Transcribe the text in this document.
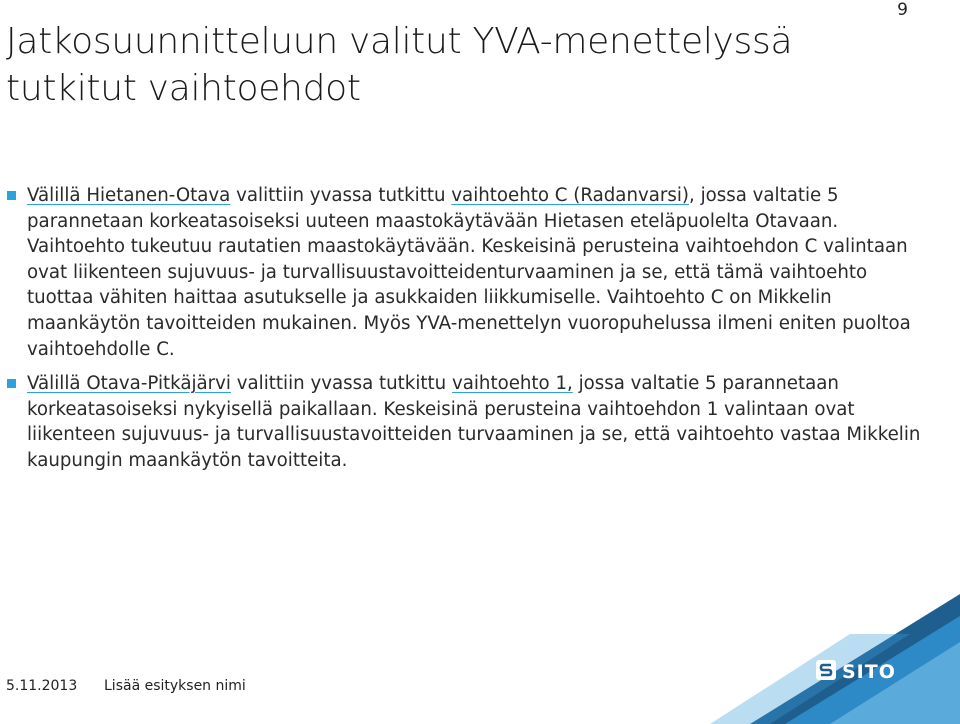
9
Jatkosuunnitteluun valitut YVA-menettelyssä tutkitut vaihtoehdot
Välillä Hietanen-Otava valittiin yvassa tutkittu vaihtoehto C (Radanvarsi), jossa valtatie 5 parannetaan korkeatasoiseksi uuteen maastokäytävään Hietasen eteläpuolelta Otavaan. Vaihtoehto tukeutuu rautatien maastokäytävään. Keskeisinä perusteina vaihtoehdon C valintaan ovat liikenteen sujuvuus- ja turvallisuustavoitteidenturvaaminen ja se, että tämä vaihtoehto tuottaa vähiten haittaa asutukselle ja asukkaiden liikkumiselle. Vaihtoehto C on Mikkelin maankäytön tavoitteiden mukainen. Myös YVA-menettelyn vuoropuhelussa ilmeni eniten puoltoa vaihtoehdolle C.
Välillä Otava-Pitkäjärvi valittiin yvassa tutkittu vaihtoehto 1, jossa valtatie 5 parannetaan korkeatasoiseksi nykyisellä paikallaan. Keskeisinä perusteina vaihtoehdon 1 valintaan ovat liikenteen sujuvuus- ja turvallisuustavoitteiden turvaaminen ja se, että vaihtoehto vastaa Mikkelin kaupungin maankäytön tavoitteita.
5.11.2013 Lisää esityksen nimi
SITO
